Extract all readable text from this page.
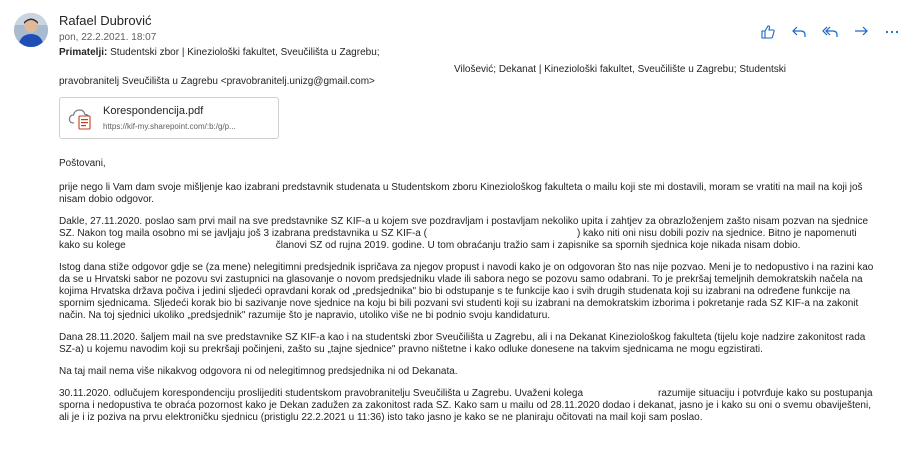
Rafael Dubrović
pon, 22.2.2021. 18:07
Primatelji: Studentski zbor | Kineziološki fakultet, Sveučilišta u Zagrebu;
Vilošević; Dekanat | Kineziološki fakultet, Sveučilište u Zagrebu; Studentski
pravobranitelj Sveučilišta u Zagrebu <pravobranitelj.unizg@gmail.com>
Korespondencija.pdf
https://kif-my.sharepoint.com/:b:/g/p...

Poštovani,

prije nego li Vam dam svoje mišljenje kao izabrani predstavnik studenata u Studentskom zboru Kineziološkog fakulteta o mailu koji ste mi dostavili, moram se vratiti na mail na koji još nisam dobio odgovor.

Dakle, 27.11.2020. poslao sam prvi mail na sve predstavnike SZ KIF-a u kojem sve pozdravljam i postavljam nekoliko upita i zahtjev za obrazloženjem zašto nisam pozvan na sjednice SZ. Nakon tog maila osobno mi se javljaju još 3 izabrana predstavnika u SZ KIF-a (	) kako niti oni nisu dobili poziv na sjednice. Bitno je napomenuti kako su kolege	članovi SZ od rujna 2019. godine. U tom obraćanju tražio sam i zapisnike sa spornih sjednica koje nikada nisam dobio.

Istog dana stiže odgovor gdje se (za mene) nelegitimni predsjednik ispričava za njegov propust i navodi kako je on odgovoran što nas nije pozvao. Meni je to nedopustivo i na razini kao da se u Hrvatski sabor ne pozovu svi zastupnici na glasovanje o novom predsjedniku vlade ili sabora nego se pozovu samo odabrani. To je prekršaj temeljnih demokratskih načela na kojima Hrvatska država počiva i jedini sljedeći opravdani korak od „predsjednika" bio bi odstupanje s te funkcije kao i svih drugih studenata koji su izabrani na određene funkcije na spornim sjednicama. Sljedeći korak bio bi sazivanje nove sjednice na koju bi bili pozvani svi studenti koji su izabrani na demokratskim izborima i pokretanje rada SZ KIF-a na zakonit način. Na toj sjednici ukoliko „predsjednik" razumije što je napravio, utoliko više ne bi podnio svoju kandidaturu.

Dana 28.11.2020. šaljem mail na sve predstavnike SZ KIF-a kao i na studentski zbor Sveučilišta u Zagrebu, ali i na Dekanat Kineziološkog fakulteta (tijelu koje nadzire zakonitost rada SZ-a) u kojemu navodim koji su prekršaji počinjeni, zašto su „tajne sjednice" pravno ništetne i kako odluke donesene na takvim sjednicama ne mogu egzistirati.

Na taj mail nema više nikakvog odgovora ni od nelegitimnog predsjednika ni od Dekanata.

30.11.2020. odlučujem korespondenciju proslijediti studentskom pravobranitelju Sveučilišta u Zagrebu. Uvaženi kolega	razumije situaciju i potvrđuje kako su postupanja sporna i nedopustiva te obraća pozornost kako je Dekan zadužen za zakonitost rada SZ. Kako sam u mailu od 28.11.2020 dodao i dekanat, jasno je i kako su oni o svemu obaviješteni, ali je i iz poziva na prvu elektroničku sjednicu (pristiglu 22.2.2021 u 11:36) isto tako jasno je kako se ne planiraju očitovati na mail koji sam poslao.
